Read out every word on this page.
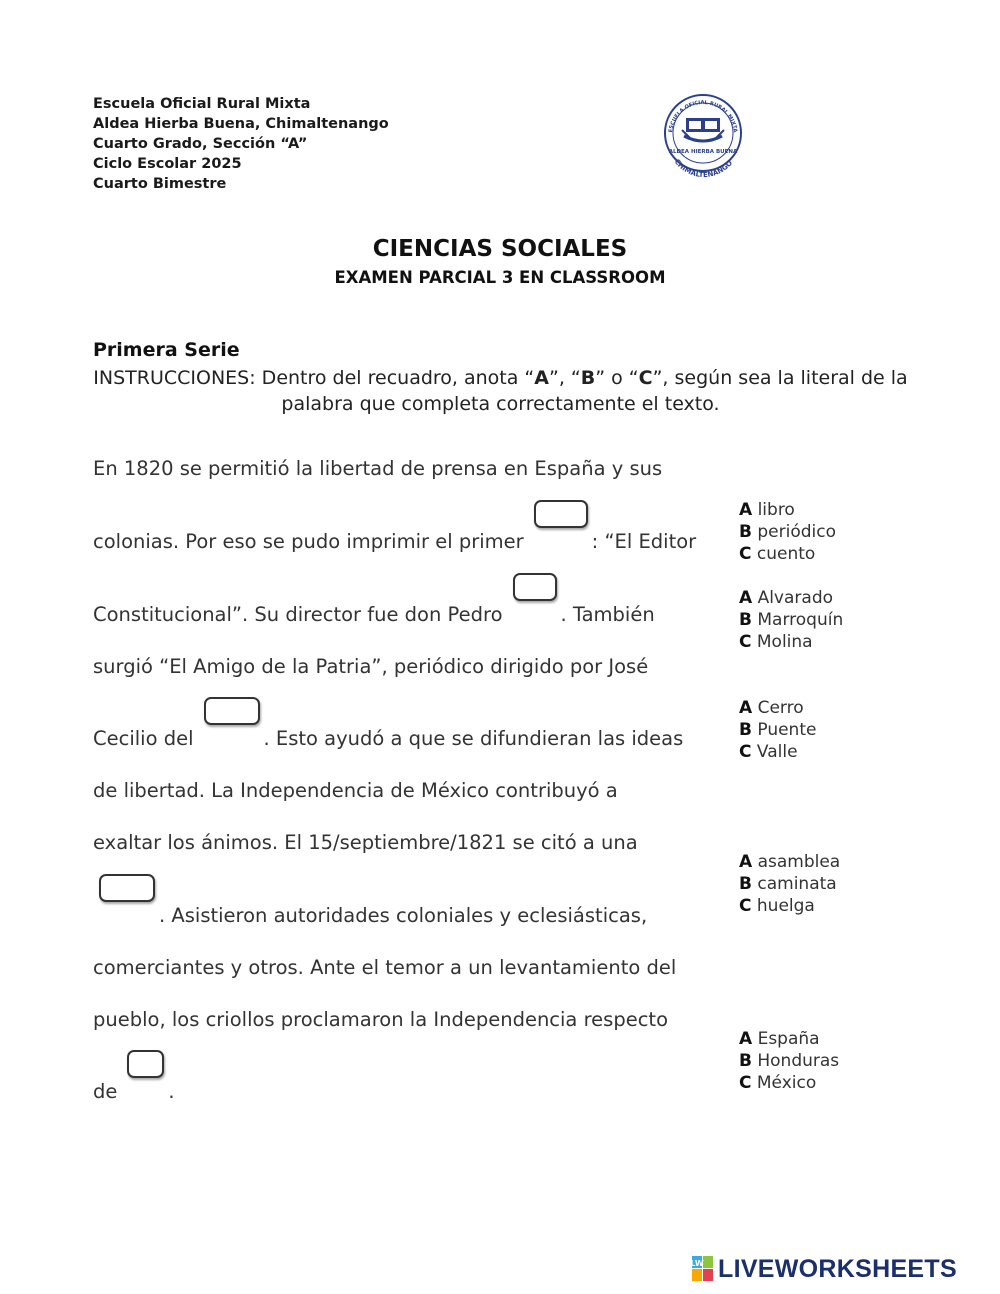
Escuela Oficial Rural Mixta
Aldea Hierba Buena, Chimaltenango
Cuarto Grado, Sección “A”
Ciclo Escolar 2025
Cuarto Bimestre
ESCUELA OFICIAL RURAL MIXTA
ALDEA HIERBA BUENA
CHIMALTENANGO
CIENCIAS SOCIALES
EXAMEN PARCIAL 3 EN CLASSROOM
Primera Serie
INSTRUCCIONES: Dentro del recuadro, anota “A”, “B” o “C”, según sea la literal de la palabra que completa correctamente el texto.
En 1820 se permitió la libertad de prensa en España y sus
colonias. Por eso se pudo imprimir el primer	: “El Editor
Constitucional”. Su director fue don Pedro	. También
surgió “El Amigo de la Patria”, periódico dirigido por José
Cecilio del	. Esto ayudó a que se difundieran las ideas
de libertad. La Independencia de México contribuyó a
exaltar los ánimos. El 15/septiembre/1821 se citó a una
. Asistieron autoridades coloniales y eclesiásticas,
comerciantes y otros. Ante el temor a un levantamiento del
pueblo, los criollos proclamaron la Independencia respecto
de	.
A libro
B periódico
C cuento
A Alvarado
B Marroquín
C Molina
A Cerro
B Puente
C Valle
A asamblea
B caminata
C huelga
A España
B Honduras
C México
LW LIVEWORKSHEETS
